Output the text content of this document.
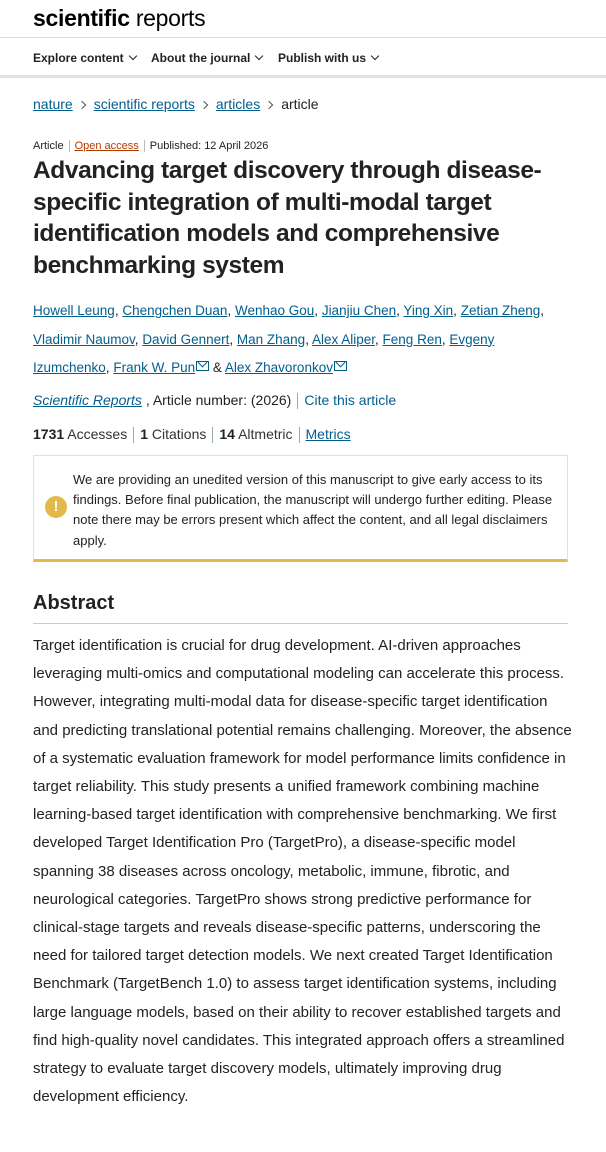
scientific reports
Explore content	About the journal	Publish with us
nature scientific reports articles article
Article Open access Published: 12 April 2026
Advancing target discovery through disease-specific integration of multi-modal target identification models and comprehensive benchmarking system
Howell Leung, Chengchen Duan, Wenhao Gou, Jianjiu Chen, Ying Xin, Zetian Zheng, Vladimir Naumov, David Gennert, Man Zhang, Alex Aliper, Feng Ren, Evgeny Izumchenko, Frank W. Pun & Alex Zhavoronkov
Scientific Reports , Article number: (2026) Cite this article
1731 Accesses 1 Citations 14 Altmetric Metrics
!

We are providing an unedited version of this manuscript to give early access to its findings. Before final publication, the manuscript will undergo further editing. Please note there may be errors present which affect the content, and all legal disclaimers apply.

Abstract

Target identification is crucial for drug development. AI-driven approaches leveraging multi-omics and computational modeling can accelerate this process. However, integrating multi-modal data for disease-specific target identification and predicting translational potential remains challenging. Moreover, the absence of a systematic evaluation framework for model performance limits confidence in target reliability. This study presents a unified framework combining machine learning-based target identification with comprehensive benchmarking. We first developed Target Identification Pro (TargetPro), a disease-specific model spanning 38 diseases across oncology, metabolic, immune, fibrotic, and neurological categories. TargetPro shows strong predictive performance for clinical-stage targets and reveals disease-specific patterns, underscoring the need for tailored target detection models. We next created Target Identification Benchmark (TargetBench 1.0) to assess target identification systems, including large language models, based on their ability to recover established targets and find high-quality novel candidates. This integrated approach offers a streamlined strategy to evaluate target discovery models, ultimately improving drug development efficiency.
